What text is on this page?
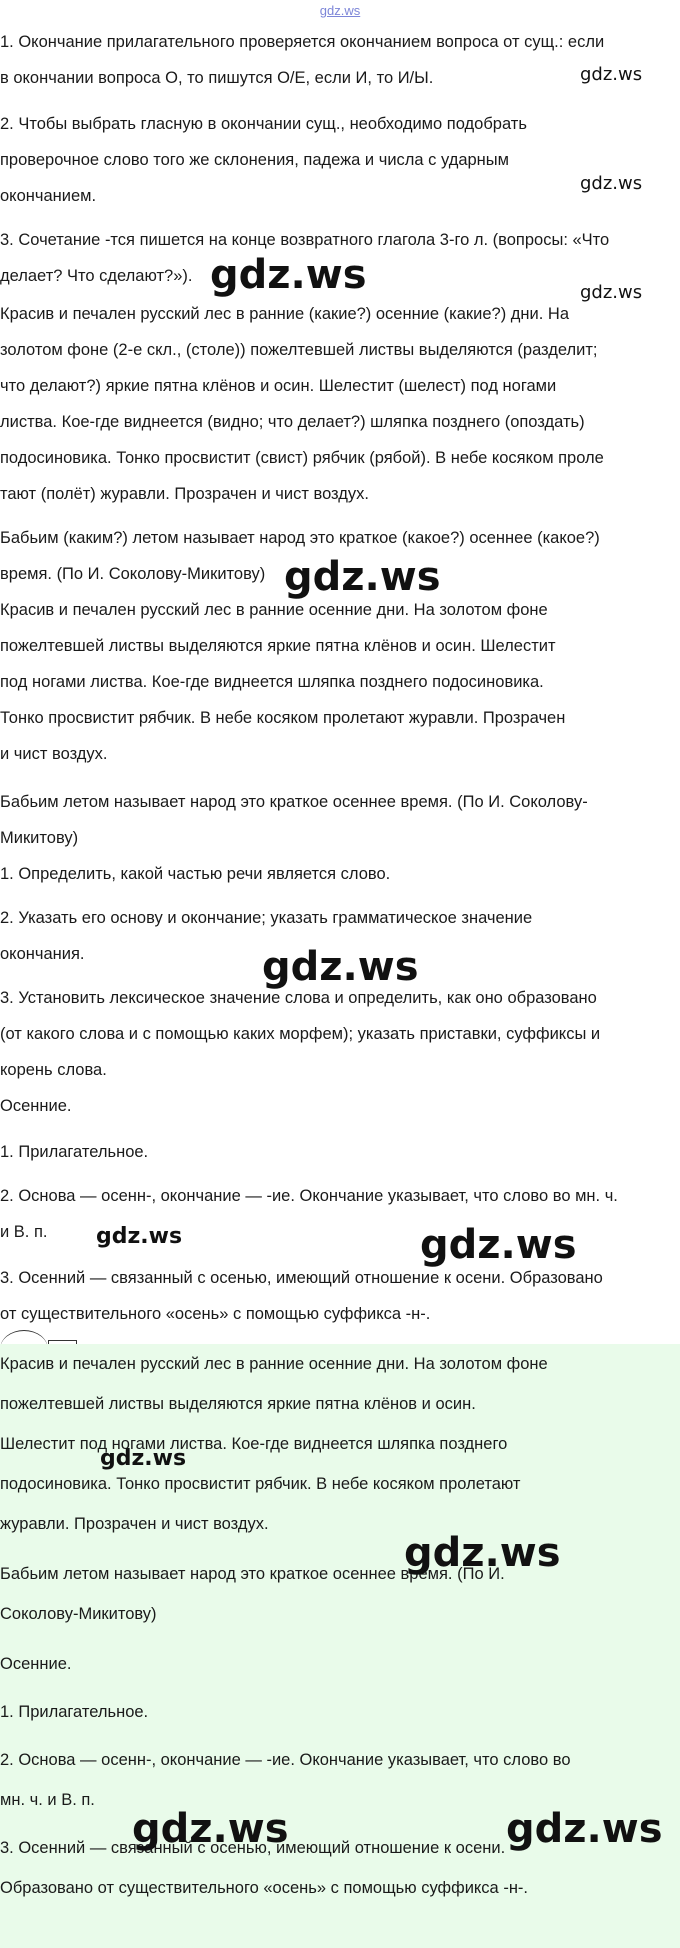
gdz.ws
1. Окончание прилагательного проверяется окончанием вопроса от сущ.: если
в окончании вопроса О, то пишутся О/Е, если И, то И/Ы.
2. Чтобы выбрать гласную в окончании сущ., необходимо подобрать
проверочное слово того же склонения, падежа и числа с ударным
окончанием.
3. Сочетание -тся пишется на конце возвратного глагола 3-го л. (вопросы: «Что
делает? Что сделают?»).
Красив и печален русский лес в ранние (какие?) осенние (какие?) дни. На
золотом фоне (2-е скл., (столе)) пожелтевшей листвы выделяются (разделит;
что делают?) яркие пятна клёнов и осин. Шелестит (шелест) под ногами
листва. Кое-где виднеется (видно; что делает?) шляпка позднего (опоздать)
подосиновика. Тонко просвистит (свист) рябчик (рябой). В небе косяком проле
тают (полёт) журавли. Прозрачен и чист воздух.
Бабьим (каким?) летом называет народ это краткое (какое?) осеннее (какое?)
время. (По И. Соколову-Микитову)
Красив и печален русский лес в ранние осенние дни. На золотом фоне
пожелтевшей листвы выделяются яркие пятна клёнов и осин. Шелестит
под ногами листва. Кое-где виднеется шляпка позднего подосиновика.
Тонко просвистит рябчик. В небе косяком пролетают журавли. Прозрачен
и чист воздух.
Бабьим летом называет народ это краткое осеннее время. (По И. Соколову-
Микитову)
1. Определить, какой частью речи является слово.
2. Указать его основу и окончание; указать грамматическое значение
окончания.
3. Установить лексическое значение слова и определить, как оно образовано
(от какого слова и с помощью каких морфем); указать приставки, суффиксы и
корень слова.
Осенние.
1. Прилагательное.
2. Основа — осенн-, окончание — -ие. Окончание указывает, что слово во мн. ч.
и В. п.
3. Осенний — связанный с осенью, имеющий отношение к осени. Образовано
от существительного «осень» с помощью суффикса -н-.
Красив и печален русский лес в ранние осенние дни. На золотом фоне
пожелтевшей листвы выделяются яркие пятна клёнов и осин.
Шелестит под ногами листва. Кое-где виднеется шляпка позднего
подосиновика. Тонко просвистит рябчик. В небе косяком пролетают
журавли. Прозрачен и чист воздух.
Бабьим летом называет народ это краткое осеннее время. (По И.
Соколову-Микитову)
Осенние.
1. Прилагательное.
2. Основа — осенн-, окончание — -ие. Окончание указывает, что слово во
мн. ч. и В. п.
3. Осенний — связанный с осенью, имеющий отношение к осени.
Образовано от существительного «осень» с помощью суффикса -н-.
gdz.ws
gdz.ws
gdz.ws
gdz.ws
gdz.ws
gdz.ws
gdz.ws	gdz.ws
gdz.ws
gdz.ws
gdz.ws	gdz.ws
